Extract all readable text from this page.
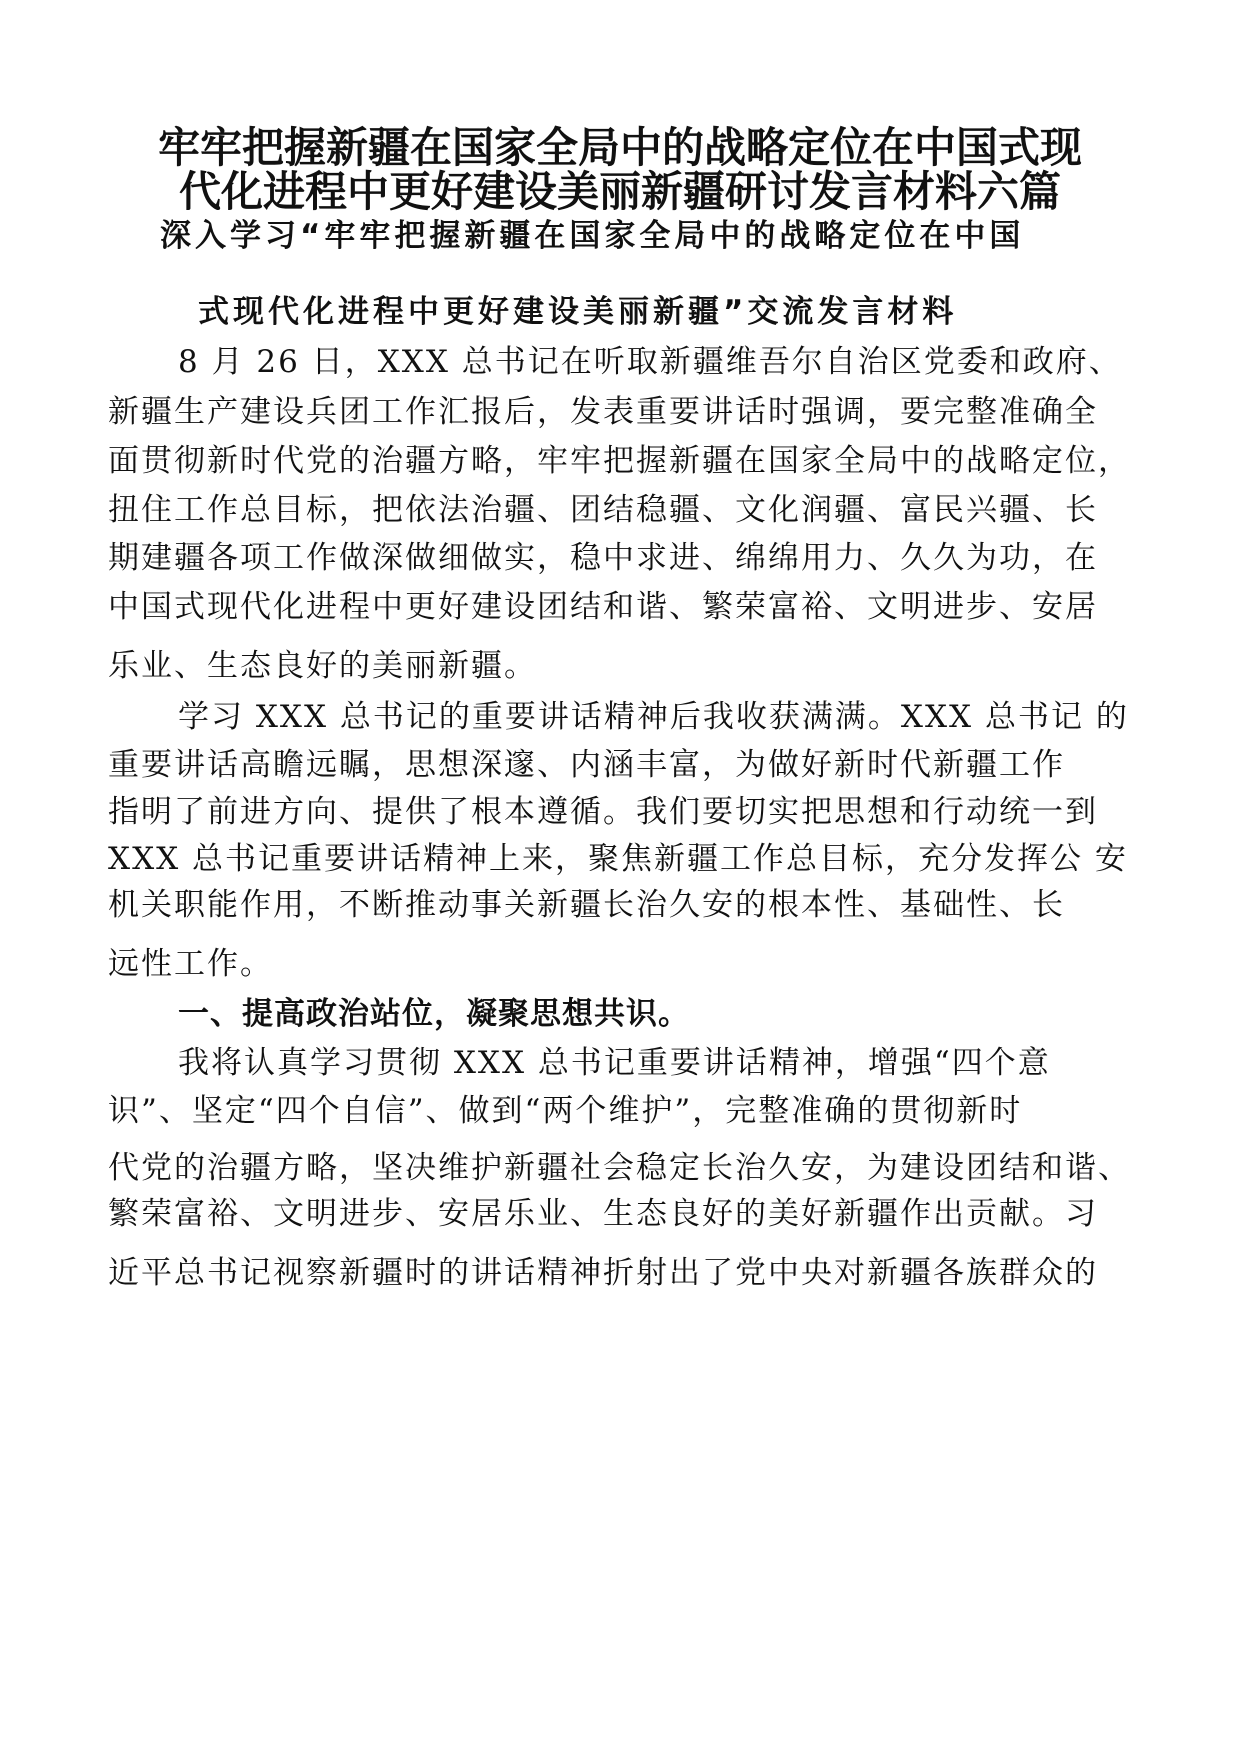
牢牢把握新疆在国家全局中的战略定位在中国式现
代化进程中更好建设美丽新疆研讨发言材料六篇
深入学习“牢牢把握新疆在国家全局中的战略定位在中国
式现代化进程中更好建设美丽新疆”交流发言材料
8 月 26 日，XXX 总书记在听取新疆维吾尔自治区党委和政府、
新疆生产建设兵团工作汇报后，发表重要讲话时强调，要完整准确全
面贯彻新时代党的治疆方略，牢牢把握新疆在国家全局中的战略定位，
扭住工作总目标，把依法治疆、团结稳疆、文化润疆、富民兴疆、长
期建疆各项工作做深做细做实，稳中求进、绵绵用力、久久为功，在
中国式现代化进程中更好建设团结和谐、繁荣富裕、文明进步、安居
乐业、生态良好的美丽新疆。
学习 XXX 总书记的重要讲话精神后我收获满满。XXX 总书记 的
重要讲话高瞻远瞩，思想深邃、内涵丰富，为做好新时代新疆工作
指明了前进方向、提供了根本遵循。我们要切实把思想和行动统一到
XXX 总书记重要讲话精神上来，聚焦新疆工作总目标，充分发挥公 安
机关职能作用，不断推动事关新疆长治久安的根本性、基础性、长
远性工作。
一、提高政治站位，凝聚思想共识。
我将认真学习贯彻 XXX 总书记重要讲话精神，增强“四个意
识”、坚定“四个自信”、做到“两个维护”，完整准确的贯彻新时
代党的治疆方略，坚决维护新疆社会稳定长治久安，为建设团结和谐、
繁荣富裕、文明进步、安居乐业、生态良好的美好新疆作出贡献。习
近平总书记视察新疆时的讲话精神折射出了党中央对新疆各族群众的
